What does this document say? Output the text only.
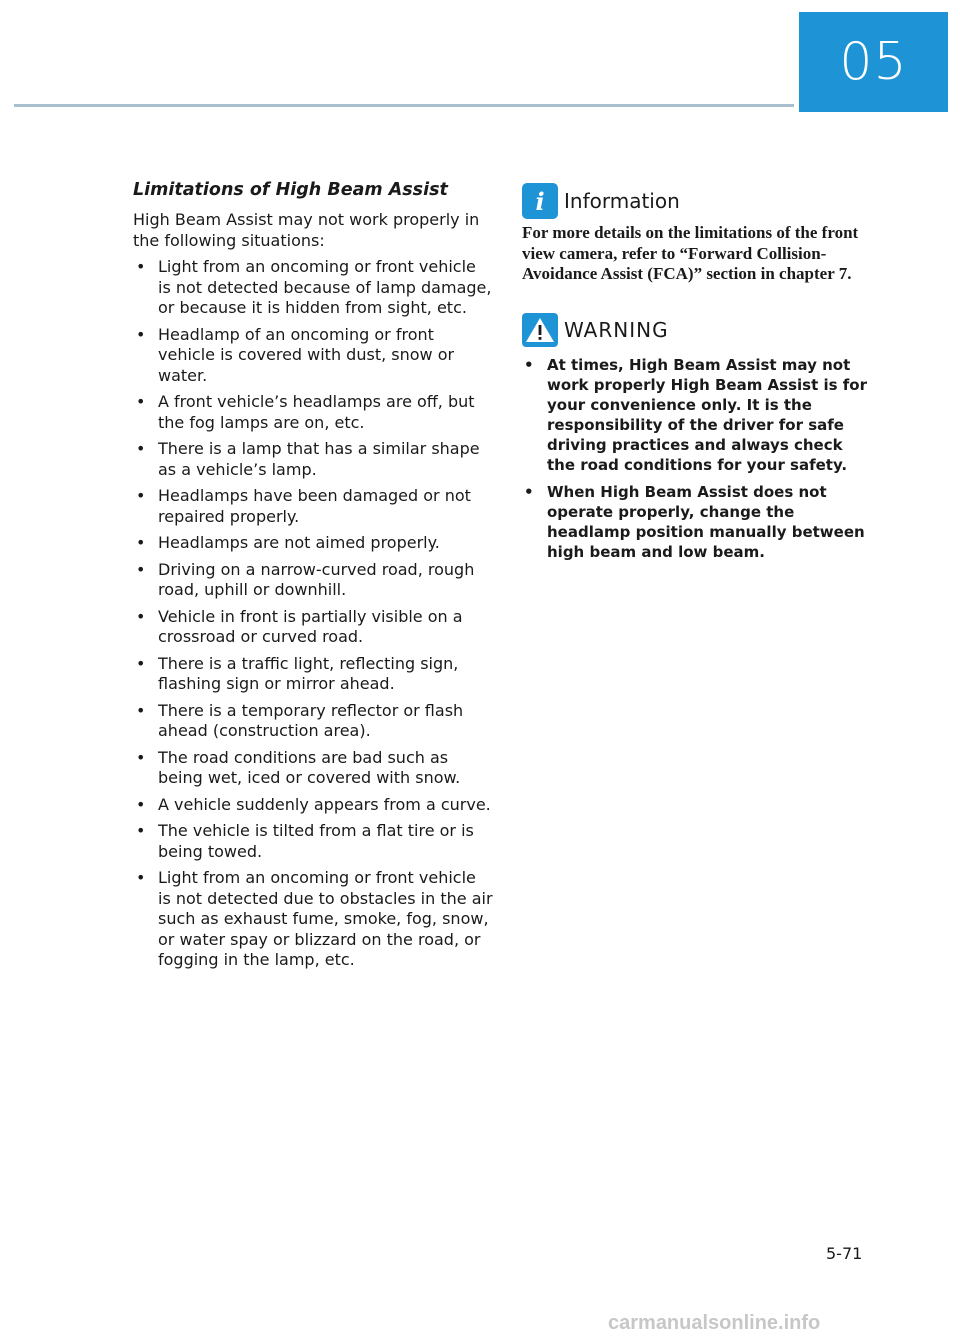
05
Limitations of High Beam Assist

High Beam Assist may not work properly in the following situations:

• Light from an oncoming or front vehicle is not detected because of lamp damage, or because it is hidden from sight, etc.
• Headlamp of an oncoming or front vehicle is covered with dust, snow or water.
• A front vehicle’s headlamps are off, but the fog lamps are on, etc.
• There is a lamp that has a similar shape as a vehicle’s lamp.
• Headlamps have been damaged or not repaired properly.
• Headlamps are not aimed properly.
• Driving on a narrow-curved road, rough road, uphill or downhill.
• Vehicle in front is partially visible on a crossroad or curved road.
• There is a traffic light, reflecting sign, flashing sign or mirror ahead.
• There is a temporary reflector or flash ahead (construction area).
• The road conditions are bad such as being wet, iced or covered with snow.
• A vehicle suddenly appears from a curve.
• The vehicle is tilted from a flat tire or is being towed.
• Light from an oncoming or front vehicle is not detected due to obstacles in the air such as exhaust fume, smoke, fog, snow, or water spay or blizzard on the road, or fogging in the lamp, etc.
i Information

For more details on the limitations of the front view camera, refer to “Forward Collision-Avoidance Assist (FCA)” section in chapter 7.

WARNING
• At times, High Beam Assist may not work properly High Beam Assist is for your convenience only. It is the responsibility of the driver for safe driving practices and always check the road conditions for your safety.
• When High Beam Assist does not operate properly, change the headlamp position manually between high beam and low beam.
5-71
carmanualsonline.info
